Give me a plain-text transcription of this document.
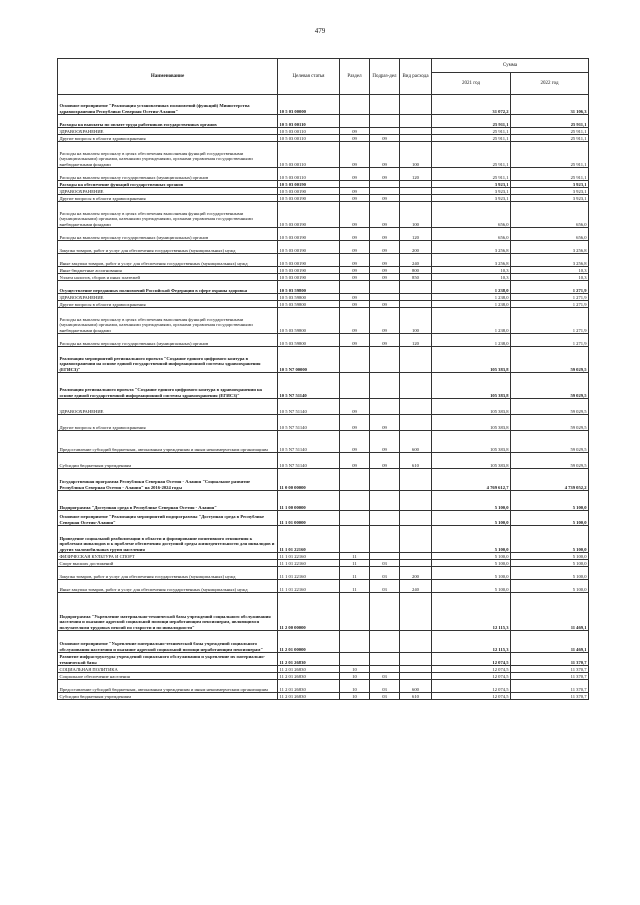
479
Наименование	Целевая статья	Раздел	Подраз-дел	Вид расхода	Сумма	
					2021 год	2022 год
Основное мероприятие "Реализация установленных полномочий (функций) Министерства здравоохранения Республики Северная Осетия-Алания"	10 5 03 00000				31 072,2	31 106,3
Расходы на выплаты по оплате труда работников государственных органов	10 5 03 00110				25 911,1	25 911,1
ЗДРАВООХРАНЕНИЕ	10 5 03 00110	09			25 911,1	25 911,1
Другие вопросы в области здравоохранения	10 5 03 00110	09	09		25 911,1	25 911,1
Расходы на выплаты персоналу в целях обеспечения выполнения функций государственными (муниципальными) органами, казенными учреждениями, органами управления государственными внебюджетными фондами	10 5 03 00110	09	09	100	25 911,1	25 911,1
Расходы на выплаты персоналу государственных (муниципальных) органов	10 5 03 00110	09	09	120	25 911,1	25 911,1
Расходы на обеспечение функций государственных органов	10 5 03 00190				3 923,1	3 923,1
ЗДРАВООХРАНЕНИЕ	10 5 03 00190	09			3 923,1	3 923,1
Другие вопросы в области здравоохранения	10 5 03 00190	09	09		3 923,1	3 923,1
Расходы на выплаты персоналу в целях обеспечения выполнения функций государственными (муниципальными) органами, казенными учреждениями, органами управления государственными внебюджетными фондами	10 5 03 00190	09	09	100	656,0	656,0
Расходы на выплаты персоналу государственных (муниципальных) органов	10 5 03 00190	09	09	120	656,0	656,0
Закупка товаров, работ и услуг для обеспечения государственных (муниципальных) нужд	10 5 03 00190	09	09	200	3 256,8	3 256,8
Иные закупки товаров, работ и услуг для обеспечения государственных (муниципальных) нужд	10 5 03 00190	09	09	240	3 256,8	3 256,8
Иные бюджетные ассигнования	10 5 03 00190	09	09	800	10,3	10,3
Уплата налогов, сборов и иных платежей	10 5 03 00190	09	09	850	10,3	10,3
Осуществление переданных полномочий Российской Федерации в сфере охраны здоровья	10 5 03 59800				1 238,0	1 271,9
ЗДРАВООХРАНЕНИЕ	10 5 03 59800	09			1 238,0	1 271,9
Другие вопросы в области здравоохранения	10 5 03 59800	09	09		1 238,0	1 271,9
Расходы на выплаты персоналу в целях обеспечения выполнения функций государственными (муниципальными) органами, казенными учреждениями, органами управления государственными внебюджетными фондами	10 5 03 59800	09	09	100	1 238,0	1 271,9
Расходы на выплаты персоналу государственных (муниципальных) органов	10 5 03 59800	09	09	120	1 238,0	1 271,9
Реализация мероприятий регионального проекта "Создание единого цифрового контура в здравоохранении на основе единой государственной информационной системы здравоохранения (ЕГИСЗ)"	10 5 N7 00000				105 383,8	59 029,5
Реализация регионального проекта "Создание единого цифрового контура в здравоохранении на основе единой государственной информационной системы здравоохранения (ЕГИСЗ)"	10 5 N7 51140				105 383,8	59 029,5
ЗДРАВООХРАНЕНИЕ	10 5 N7 51140	09			105 383,8	59 029,5
Другие вопросы в области здравоохранения	10 5 N7 51140	09	09		105 383,8	59 029,5
Предоставление субсидий бюджетным, автономным учреждениям и иным некоммерческим организациям	10 5 N7 51140	09	09	600	105 383,8	59 029,5
Субсидии бюджетным учреждениям	10 5 N7 51140	09	09	610	105 383,8	59 029,5
Государственная программа Республики Северная Осетия - Алания "Социальное развитие Республики Северная Осетия - Алания" на 2016-2024 годы	11 0 00 00000				4 769 612,7	4 739 052,2
Подпрограмма "Доступная среда в Республике Северная Осетия - Алания"	11 1 00 00000				5 100,0	5 100,0
Основное мероприятие "Реализация мероприятий подпрограммы "Доступная среда в Республике Северная Осетия-Алания"	11 1 01 00000				5 100,0	5 100,0
Проведение социальной реабилитации в области и формирование позитивного отношения к проблемам инвалидов и к проблеме обеспечения доступной среды жизнедеятельности для инвалидов и других маломобильных групп населения	11 1 01 22160				5 100,0	5 100,0
ФИЗИЧЕСКАЯ КУЛЬТУРА И СПОРТ	11 1 01 22160	11			5 100,0	5 100,0
Спорт высших достижений	11 1 01 22160	11	03		5 100,0	5 100,0
Закупка товаров, работ и услуг для обеспечения государственных (муниципальных) нужд	11 1 01 22160	11	03	200	5 100,0	5 100,0
Иные закупки товаров, работ и услуг для обеспечения государственных (муниципальных) нужд	11 1 01 22160	11	03	240	5 100,0	5 100,0
Подпрограмма "Укрепление материально-технической базы учреждений социального обслуживания населения и оказание адресной социальной помощи неработающим пенсионерам, являющимся получателями трудовых пенсий по старости и по инвалидности"	11 2 00 00000				12 115,3	11 469,1
Основное мероприятие "Укрепление материально-технической базы учреждений социального обслуживания населения и оказание адресной социальной помощи неработающим пенсионерам"	11 2 01 00000				12 115,3	11 469,1
Развитие инфраструктуры учреждений социального обслуживания и укрепление их материально-технической базы	11 2 01 26830				12 074,5	11 370,7
СОЦИАЛЬНАЯ ПОЛИТИКА	11 2 01 26830	10			12 074,5	11 370,7
Социальное обеспечение населения	11 2 01 26830	10	03		12 074,5	11 370,7
Предоставление субсидий бюджетным, автономным учреждениям и иным некоммерческим организациям	11 2 01 26830	10	03	600	12 074,5	11 370,7
Субсидии бюджетным учреждениям	11 2 01 26830	10	03	610	12 074,5	11 370,7
